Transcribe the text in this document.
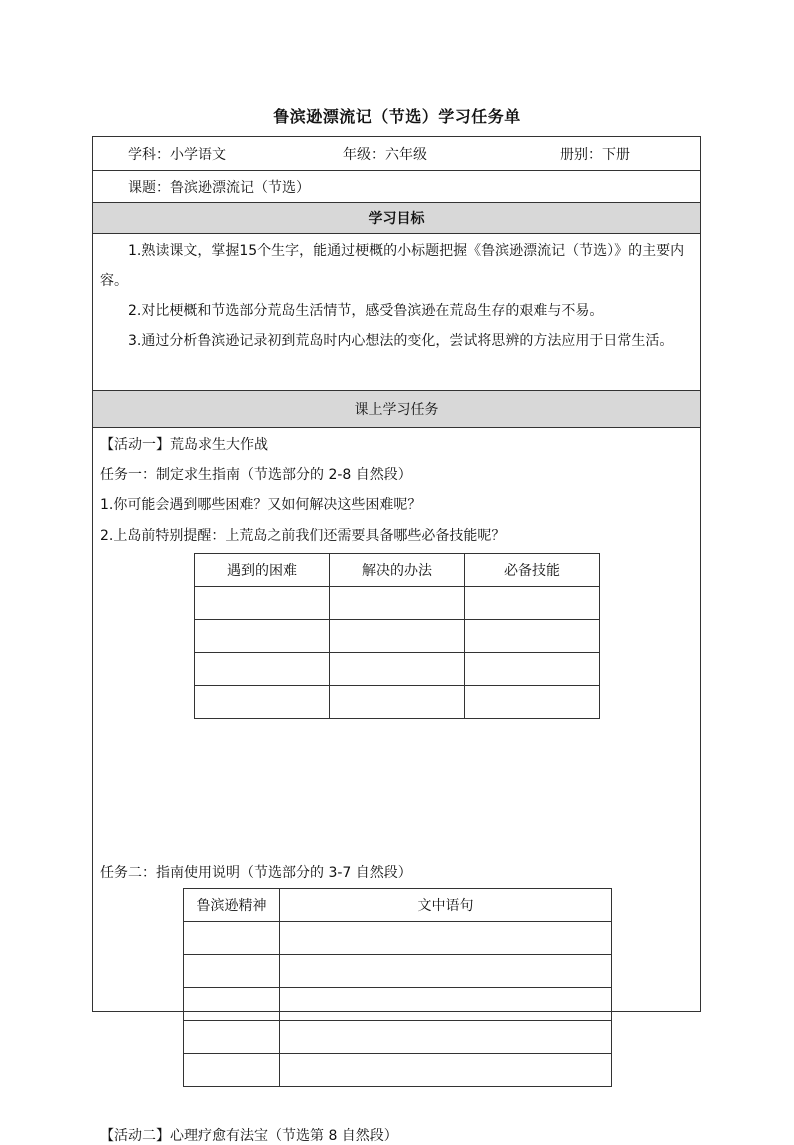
鲁滨逊漂流记（节选）学习任务单
学科：小学语文	年级：六年级	册别：下册
课题：鲁滨逊漂流记（节选）
学习目标

1.熟读课文，掌握15个生字，能通过梗概的小标题把握《鲁滨逊漂流记（节选）》的主要内容。

2.对比梗概和节选部分荒岛生活情节，感受鲁滨逊在荒岛生存的艰难与不易。

3.通过分析鲁滨逊记录初到荒岛时内心想法的变化，尝试将思辨的方法应用于日常生活。

课上学习任务
【活动一】荒岛求生大作战
任务一：制定求生指南（节选部分的 2-8 自然段）
1.你可能会遇到哪些困难？又如何解决这些困难呢？
2.上岛前特别提醒：上荒岛之前我们还需要具备哪些必备技能呢？
遇到的困难	解决的办法	必备技能

任务二：指南使用说明（节选部分的 3-7 自然段）
鲁滨逊精神	文中语句

【活动二】心理疗愈有法宝（节选第 8 自然段）
